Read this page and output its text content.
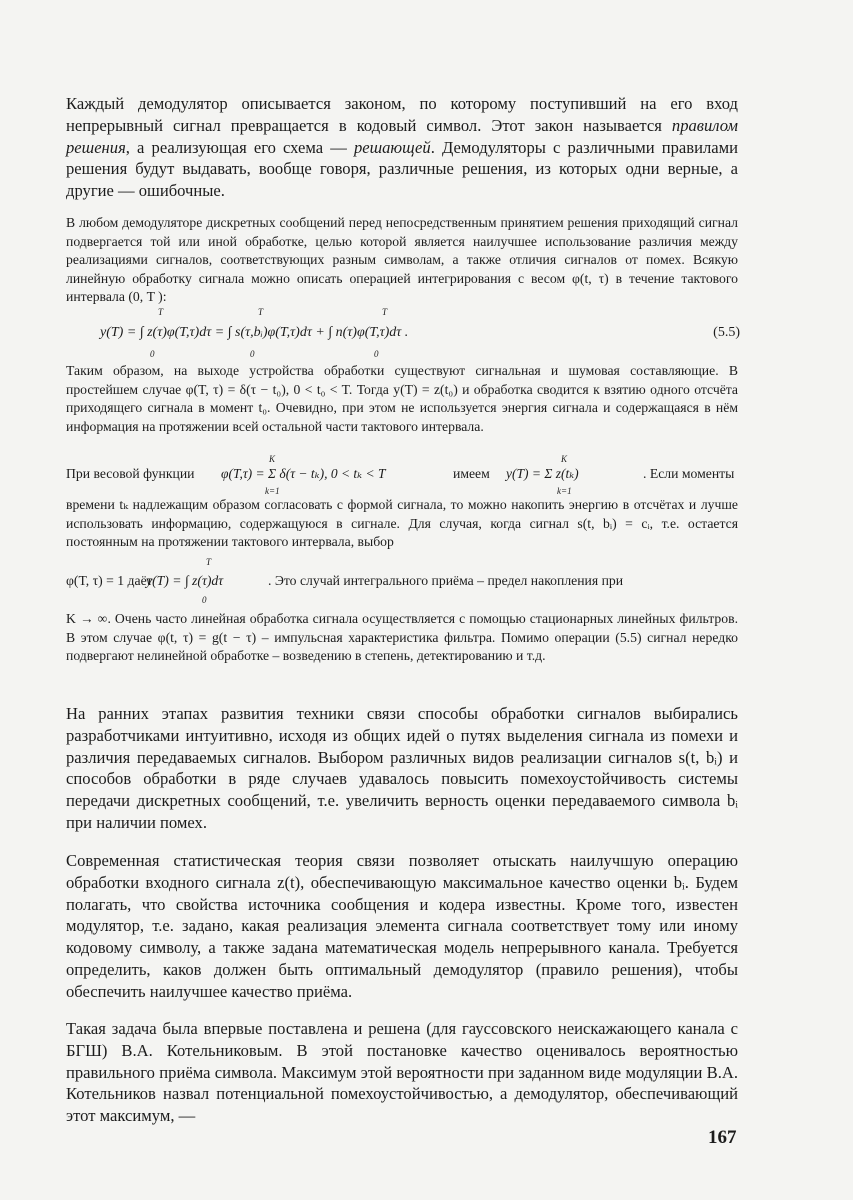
Каждый демодулятор описывается законом, по которому поступивший на его вход непрерывный сигнал превращается в кодовый символ. Этот закон называется правилом решения, а реализующая его схема — решающей. Демодуляторы с различными правилами решения будут выдавать, вообще говоря, различные решения, из которых одни верные, а другие — ошибочные.

В любом демодуляторе дискретных сообщений перед непосредственным принятием решения приходящий сигнал подвергается той или иной обработке, целью которой является наилучшее использование различия между реализациями сигналов, соответствующих разным символам, а также отличия сигналов от помех. Всякую линейную обработку сигнала можно описать операцией интегрирования с весом φ(t, τ) в течение тактового интервала (0, T ):

y(T) = ∫ z(τ)φ(T,τ)dτ = ∫ s(τ,bᵢ)φ(T,τ)dτ + ∫ n(τ)φ(T,τ)dτ .
T
0
T
0
T
0
(5.5)

Таким образом, на выходе устройства обработки существуют сигнальная и шумовая составляющие. В простейшем случае φ(T, τ) = δ(τ − t₀), 0 < t₀ < T. Тогда y(T) = z(t₀) и обработка сводится к взятию одного отсчёта приходящего сигнала в момент t₀. Очевидно, при этом не используется энергия сигнала и содержащаяся в нём информация на протяжении всей остальной части тактового интервала.

При весовой функции
K
φ(T,τ) = Σ δ(τ − tₖ), 0 < tₖ < T
k=1
имеем
K
y(T) = Σ z(tₖ)
k=1
. Если моменты

времени tₖ надлежащим образом согласовать с формой сигнала, то можно накопить энергию в отсчётах и лучше использовать информацию, содержащуюся в сигнале. Для случая, когда сигнал s(t, bᵢ) = cᵢ, т.е. остается постоянным на протяжении тактового интервала, выбор

φ(T, τ) = 1 даёт
T
y(T) = ∫ z(τ)dτ
0
. Это случай интегрального приёма – предел накопления при

K → ∞. Очень часто линейная обработка сигнала осуществляется с помощью стационарных линейных фильтров. В этом случае φ(t, τ) = g(t − τ) – импульсная характеристика фильтра. Помимо операции (5.5) сигнал нередко подвергают нелинейной обработке – возведению в степень, детектированию и т.д.

На ранних этапах развития техники связи способы обработки сигналов выбирались разработчиками интуитивно, исходя из общих идей о путях выделения сигнала из помехи и различия передаваемых сигналов. Выбором различных видов реализации сигналов s(t, bᵢ) и способов обработки в ряде случаев удавалось повысить помехоустойчивость системы передачи дискретных сообщений, т.е. увеличить верность оценки передаваемого символа bᵢ при наличии помех.

Современная статистическая теория связи позволяет отыскать наилучшую операцию обработки входного сигнала z(t), обеспечивающую максимальное качество оценки bᵢ. Будем полагать, что свойства источника сообщения и кодера известны. Кроме того, известен модулятор, т.е. задано, какая реализация элемента сигнала соответствует тому или иному кодовому символу, а также задана математическая модель непрерывного канала. Требуется определить, каков должен быть оптимальный демодулятор (правило решения), чтобы обеспечить наилучшее качество приёма.

Такая задача была впервые поставлена и решена (для гауссовского неискажающего канала с БГШ) В.А. Котельниковым. В этой постановке качество оценивалось вероятностью правильного приёма символа. Максимум этой вероятности при заданном виде модуляции В.А. Котельников назвал потенциальной помехоустойчивостью, а демодулятор, обеспечивающий этот максимум, —

167
